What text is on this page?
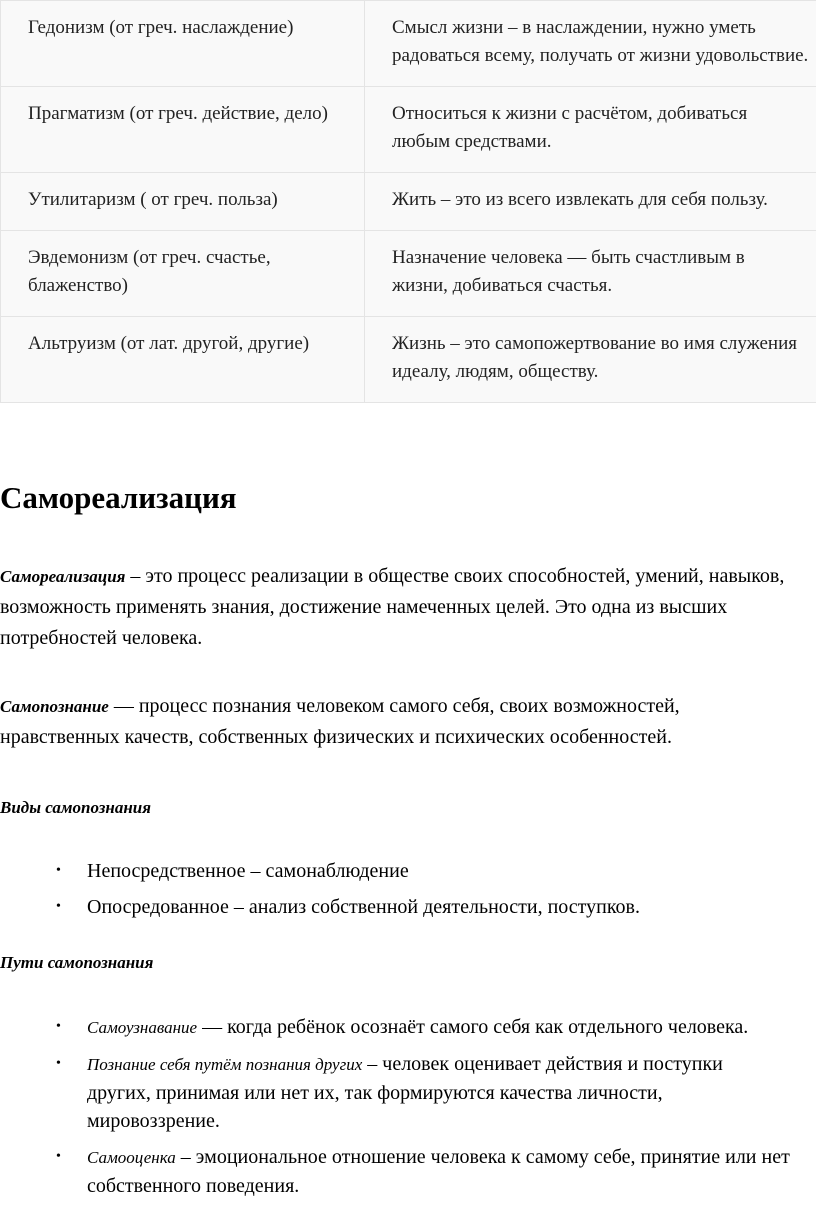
Гедонизм (от греч. наслаждение)	Смысл жизни – в наслаждении, нужно уметь
радоваться всему, получать от жизни удовольствие.
Прагматизм (от греч. действие, дело)	Относиться к жизни с расчётом, добиваться
любым средствами.
Утилитаризм ( от греч. польза)	Жить – это из всего извлекать для себя пользу.
Эвдемонизм (от греч. счастье, блаженство)	Назначение человека — быть счастливым в
жизни, добиваться счастья.
Альтруизм (от лат. другой, другие)	Жизнь – это самопожертвование во имя служения
идеалу, людям, обществу.
Самореализация

Самореализация – это процесс реализации в обществе своих способностей, умений, навыков, возможность применять знания, достижение намеченных целей. Это одна из высших потребностей человека.

Самопознание — процесс познания человеком самого себя, своих возможностей, нравственных качеств, собственных физических и психических особенностей.

Виды самопознания
• Непосредственное – самонаблюдение
• Опосредованное – анализ собственной деятельности, поступков.
Пути самопознания
• Самоузнавание — когда ребёнок осознаёт самого себя как отдельного человека.
• Познание себя путём познания других – человек оценивает действия и поступки других, принимая или нет их, так формируются качества личности, мировоззрение.
• Самооценка – эмоциональное отношение человека к самому себе, принятие или нет собственного поведения.
